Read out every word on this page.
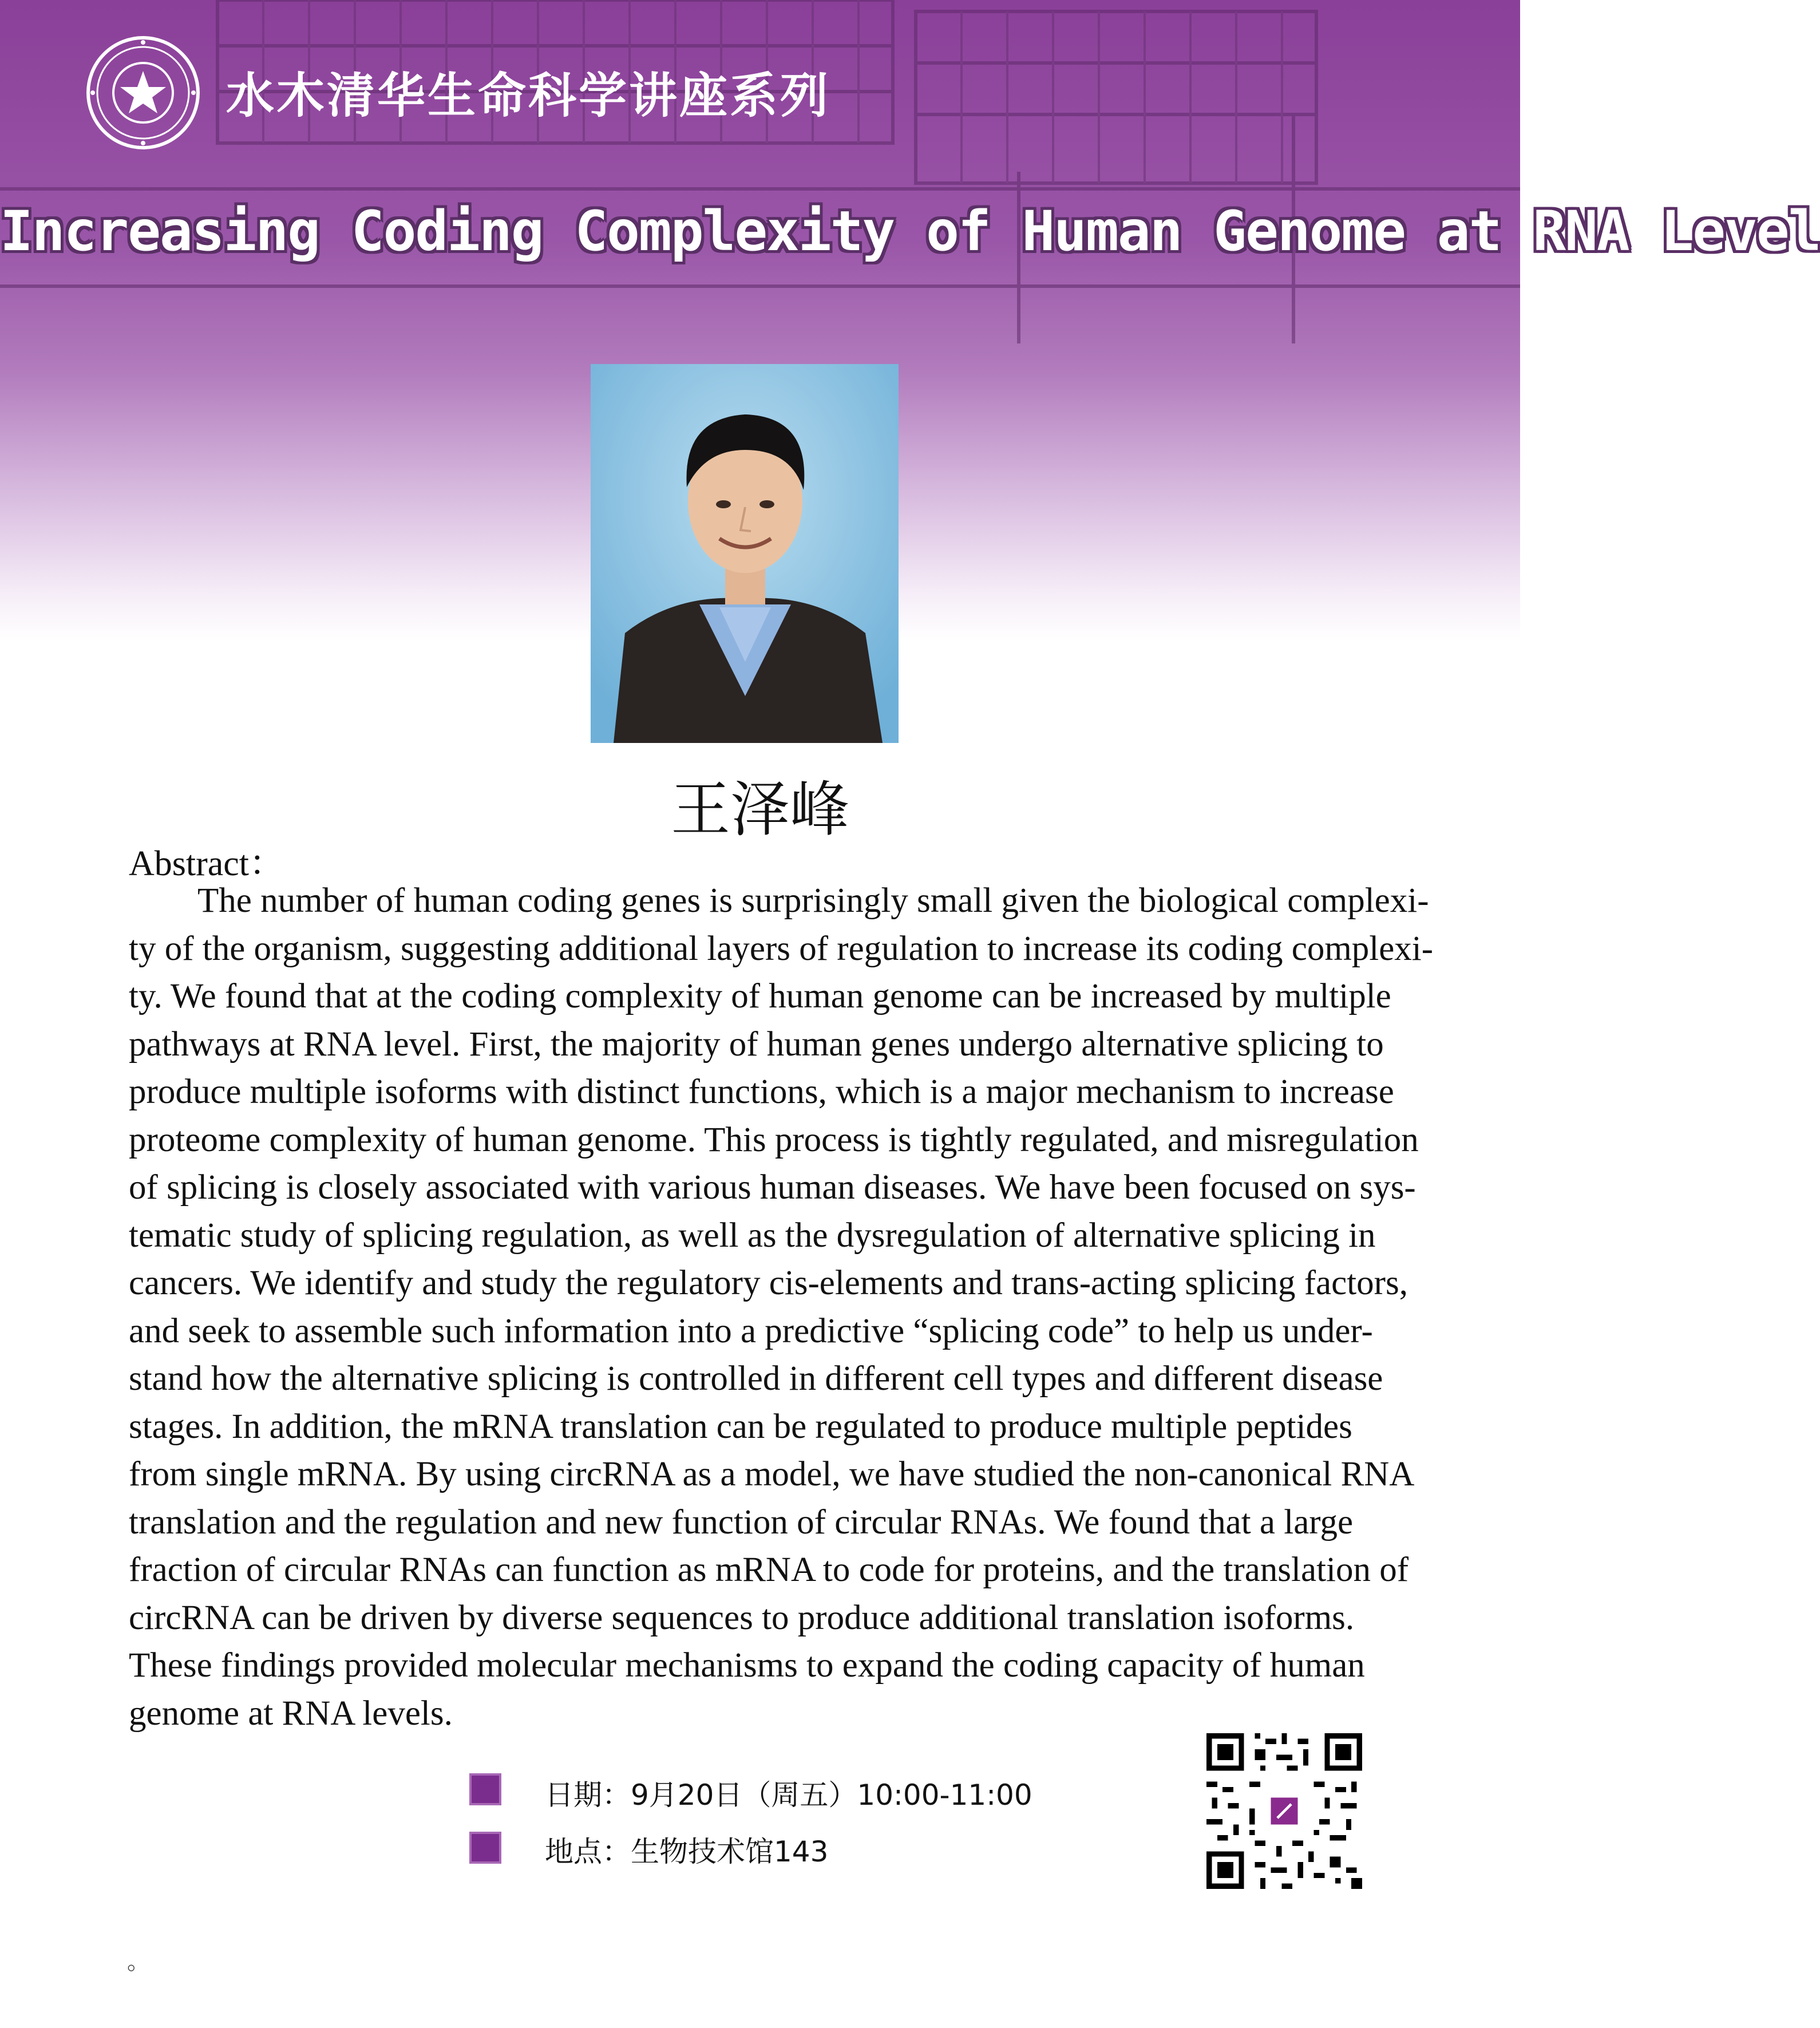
水木清华生命科学讲座系列
Increasing Coding Complexity of Human Genome at RNA Level
王泽峰
Abstract：
The number of human coding genes is surprisingly small given the biological complexi-
ty of the organism, suggesting additional layers of regulation to increase its coding complexi-
ty. We found that at the coding complexity of human genome can be increased by multiple
pathways at RNA level. First, the majority of human genes undergo alternative splicing to
produce multiple isoforms with distinct functions, which is a major mechanism to increase
proteome complexity of human genome. This process is tightly regulated, and misregulation
of splicing is closely associated with various human diseases. We have been focused on sys-
tematic study of splicing regulation, as well as the dysregulation of alternative splicing in
cancers. We identify and study the regulatory cis-elements and trans-acting splicing factors,
and seek to assemble such information into a predictive “splicing code” to help us under-
stand how the alternative splicing is controlled in different cell types and different disease
stages. In addition, the mRNA translation can be regulated to produce multiple peptides
from single mRNA. By using circRNA as a model, we have studied the non-canonical RNA
translation and the regulation and new function of circular RNAs. We found that a large
fraction of circular RNAs can function as mRNA to code for proteins, and the translation of
circRNA can be driven by diverse sequences to produce additional translation isoforms.
These findings provided molecular mechanisms to expand the coding capacity of human
genome at RNA levels.
日期：9月20日（周五）10:00-11:00
地点：生物技术馆143
。
